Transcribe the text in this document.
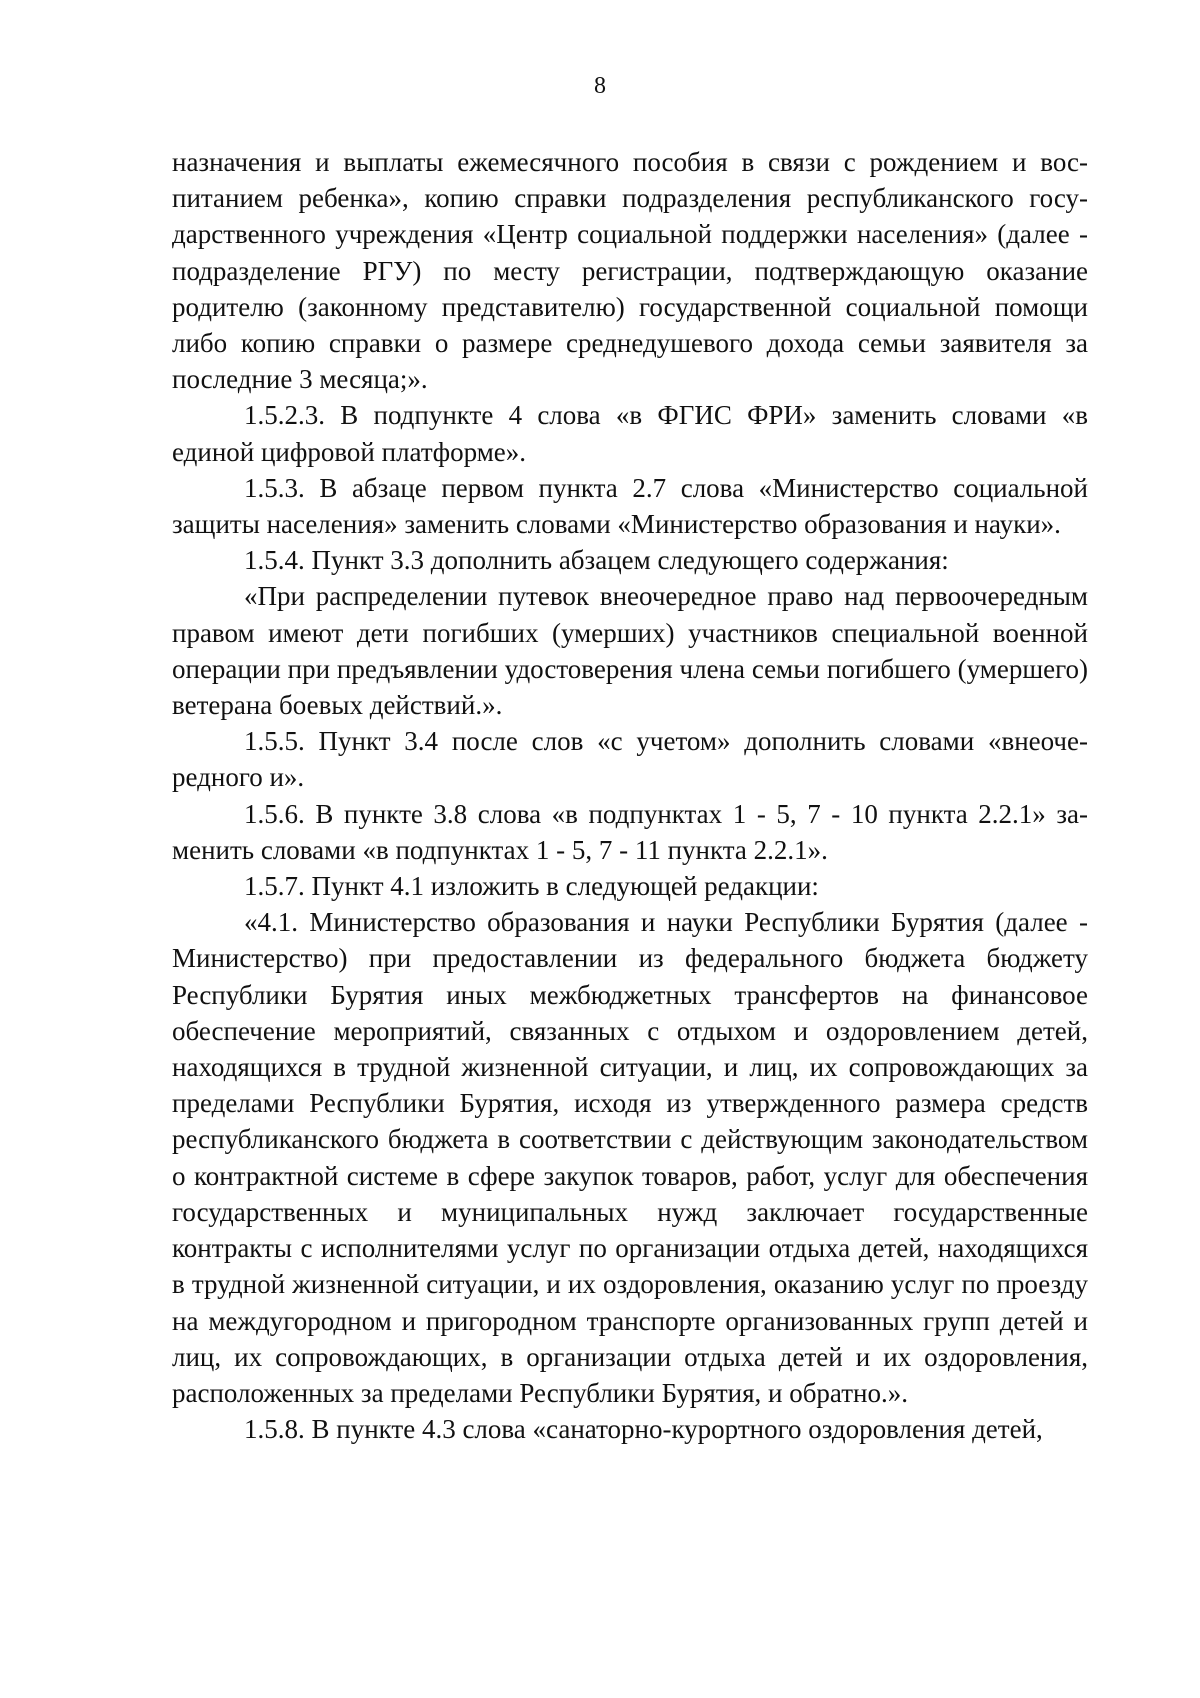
8

назначения и выплаты ежемесячного пособия в связи с рождением и воспитанием ребенка», копию справки подразделения республиканского государственного учреждения «Центр социальной поддержки населения» (далее - подразделение РГУ) по месту регистрации, подтверждающую оказание родителю (законному представителю) государственной социальной помощи либо копию справки о размере среднедушевого дохода семьи заявителя за последние 3 месяца;».

1.5.2.3. В подпункте 4 слова «в ФГИС ФРИ» заменить словами «в единой цифровой платформе».

1.5.3. В абзаце первом пункта 2.7 слова «Министерство социальной защиты населения» заменить словами «Министерство образования и науки».

1.5.4. Пункт 3.3 дополнить абзацем следующего содержания:

«При распределении путевок внеочередное право над первоочередным правом имеют дети погибших (умерших) участников специальной военной операции при предъявлении удостоверения члена семьи погибшего (умершего) ветерана боевых действий.».

1.5.5. Пункт 3.4 после слов «с учетом» дополнить словами «внеочередного и».

1.5.6. В пункте 3.8 слова «в подпунктах 1 - 5, 7 - 10 пункта 2.2.1» заменить словами «в подпунктах 1 - 5, 7 - 11 пункта 2.2.1».

1.5.7. Пункт 4.1 изложить в следующей редакции:

«4.1. Министерство образования и науки Республики Бурятия (далее - Министерство) при предоставлении из федерального бюджета бюджету Республики Бурятия иных межбюджетных трансфертов на финансовое обеспечение мероприятий, связанных с отдыхом и оздоровлением детей, находящихся в трудной жизненной ситуации, и лиц, их сопровождающих за пределами Республики Бурятия, исходя из утвержденного размера средств республиканского бюджета в соответствии с действующим законодательством о контрактной системе в сфере закупок товаров, работ, услуг для обеспечения государственных и муниципальных нужд заключает государственные контракты с исполнителями услуг по организации отдыха детей, находящихся в трудной жизненной ситуации, и их оздоровления, оказанию услуг по проезду на междугородном и пригородном транспорте организованных групп детей и лиц, их сопровождающих, в организации отдыха детей и их оздоровления, расположенных за пределами Республики Бурятия, и обратно.».

1.5.8. В пункте 4.3 слова «санаторно-курортного оздоровления детей,
